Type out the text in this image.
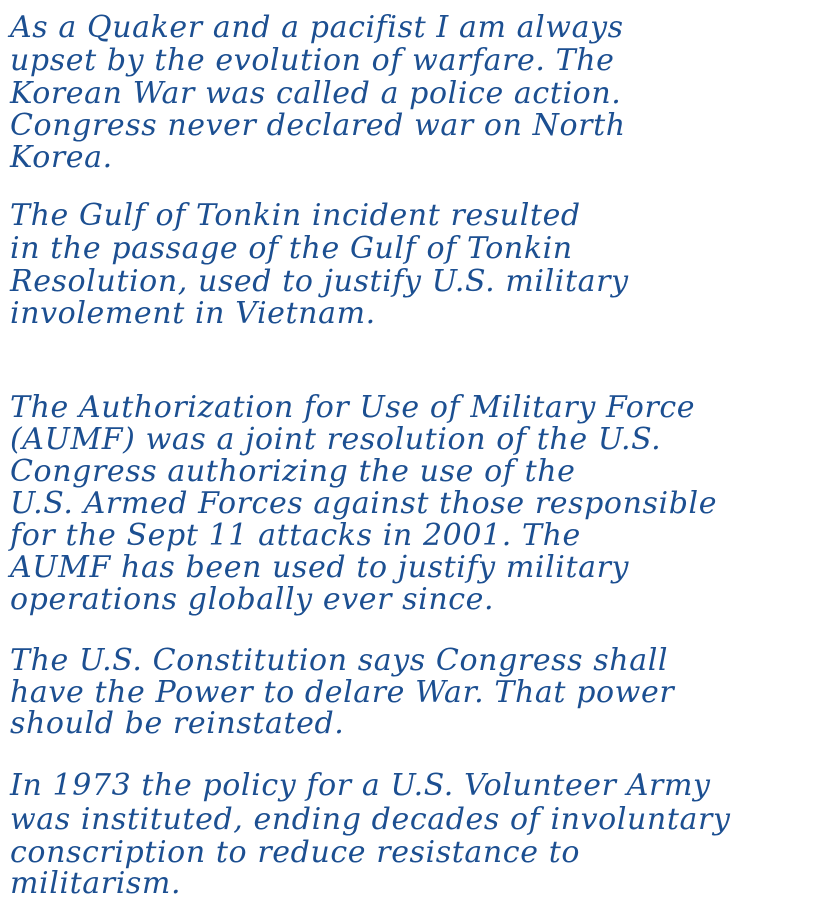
As a Quaker and a pacifist I am always
upset by the evolution of warfare. The
Korean War was called a police action.
Congress never declared war on North
Korea.
The Gulf of Tonkin incident resulted
in the passage of the Gulf of Tonkin
Resolution, used to justify U.S. military
involement in Vietnam.
The Authorization for Use of Military Force
(AUMF) was a joint resolution of the U.S.
Congress authorizing the use of the
U.S. Armed Forces against those responsible
for the Sept 11 attacks in 2001. The
AUMF has been used to justify military
operations globally ever since.
The U.S. Constitution says Congress shall
have the Power to delare War. That power
should be reinstated.
In 1973 the policy for a U.S. Volunteer Army
was instituted, ending decades of involuntary
conscription to reduce resistance to
militarism.
